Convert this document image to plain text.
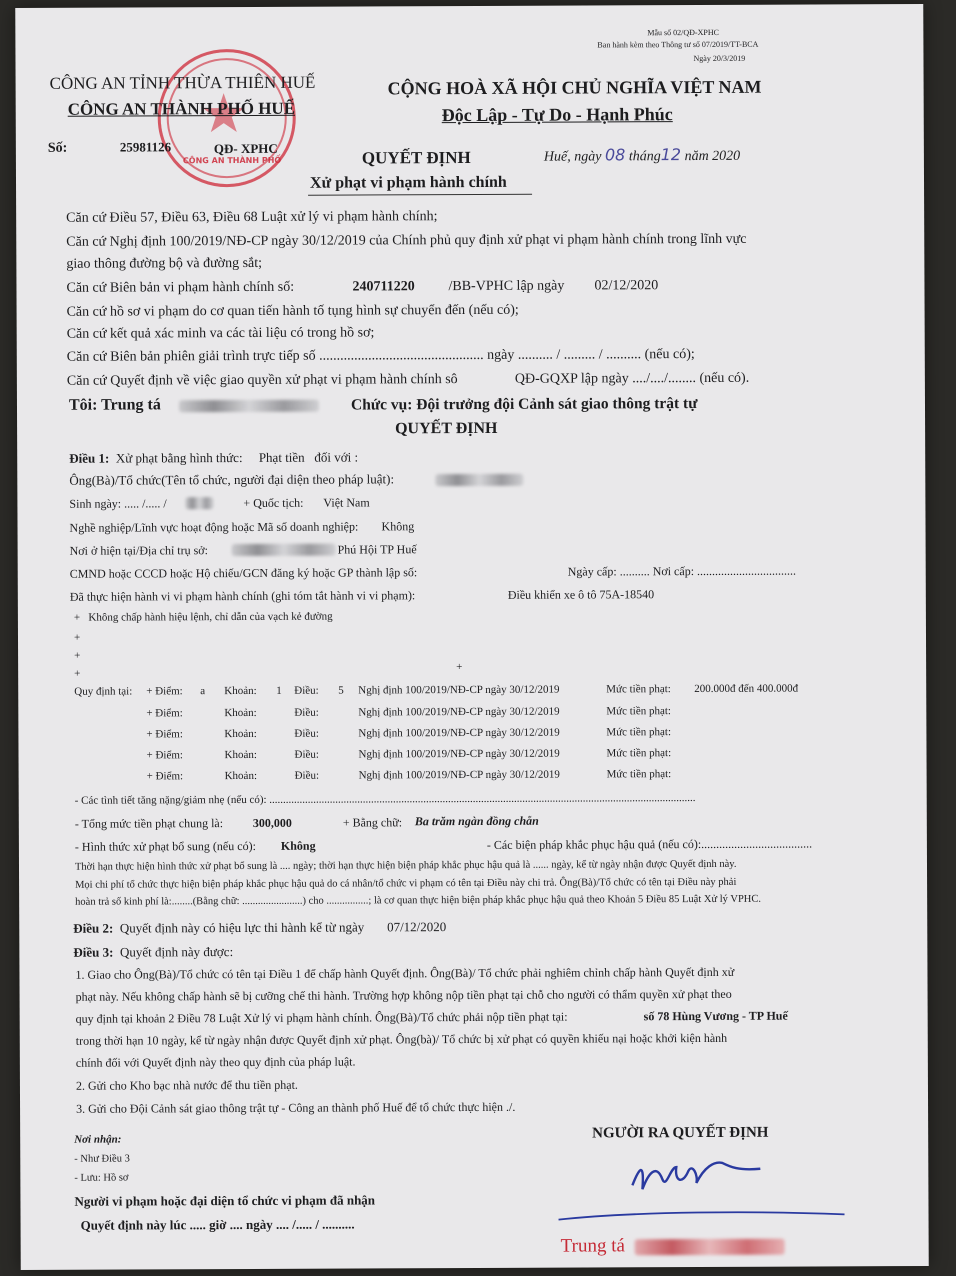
Mẫu số 02/QĐ-XPHC
Ban hành kèm theo Thông tư số 07/2019/TT-BCA
Ngày 20/3/2019
CÔNG AN THÀNH PHỐ
CÔNG AN TỈNH THỪA THIÊN HUẾ
CÔNG AN THÀNH PHỐ HUẾ
Số:	25981126	QĐ- XPHC
CỘNG HOÀ XÃ HỘI CHỦ NGHĨA VIỆT NAM
Độc Lập - Tự Do - Hạnh Phúc
Huế, ngày 08 tháng12 năm 2020
QUYẾT ĐỊNH
Xử phạt vi phạm hành chính
Căn cứ Điều 57, Điều 63, Điều 68 Luật xử lý vi phạm hành chính;
Căn cứ Nghị định 100/2019/NĐ-CP ngày 30/12/2019 của Chính phủ quy định xử phạt vi phạm hành chính trong lĩnh vực
giao thông đường bộ và đường sắt;
Căn cứ Biên bản vi phạm hành chính số:	240711220 /BB-VPHC lập ngày 02/12/2020
Căn cứ hồ sơ vi phạm do cơ quan tiến hành tố tụng hình sự chuyển đến (nếu có);
Căn cứ kết quả xác minh va các tài liệu có trong hồ sơ;
Căn cứ Biên bản phiên giải trình trực tiếp số ............................................... ngày .......... / ......... / .......... (nếu có);
Căn cứ Quyết định về việc giao quyền xử phạt vi phạm hành chính sô	QĐ-GQXP lập ngày ..../..../........ (nếu có).
Tôi: Trung tá	Chức vụ: Đội trưởng đội Cảnh sát giao thông trật tự
QUYẾT ĐỊNH
Điều 1: Xử phạt bằng hình thức: Phạt tiền đối với :
Ông(Bà)/Tổ chức(Tên tổ chức, người đại diện theo pháp luật):
Sinh ngày: ..... /..... /	+ Quốc tịch: Việt Nam
Nghề nghiệp/Lĩnh vực hoạt động hoặc Mã số doanh nghiệp: Không
Nơi ở hiện tại/Địa chỉ trụ sở:	Phú Hội TP Huế
CMND hoặc CCCD hoặc Hộ chiếu/GCN đăng ký hoặc GP thành lập số:	Ngày cấp: .......... Nơi cấp: .................................
Đã thực hiện hành vi vi phạm hành chính (ghi tóm tắt hành vi vi phạm):	Điều khiển xe ô tô 75A-18540
+ Không chấp hành hiệu lệnh, chỉ dẫn của vạch kẻ đường
+
+
+
+
Quy định tại: + Điểm: a Khoản: 1 Điều: 5 Nghị định 100/2019/NĐ-CP ngày 30/12/2019	Mức tiền phạt: 200.000đ đến 400.000đ
+ Điểm:	Khoản:	Điều:	Nghị định 100/2019/NĐ-CP ngày 30/12/2019	Mức tiền phạt:
+ Điểm:	Khoản:	Điều:	Nghị định 100/2019/NĐ-CP ngày 30/12/2019	Mức tiền phạt:
+ Điểm:	Khoản:	Điều:	Nghị định 100/2019/NĐ-CP ngày 30/12/2019	Mức tiền phạt:
+ Điểm:	Khoản:	Điều:	Nghị định 100/2019/NĐ-CP ngày 30/12/2019	Mức tiền phạt:
- Các tình tiết tăng nặng/giảm nhẹ (nếu có): ...........................................................................................................................................................
- Tổng mức tiền phạt chung là: 300,000	+ Bằng chữ: Ba trăm ngàn đồng chẵn
- Hình thức xử phạt bổ sung (nếu có): Không	- Các biện pháp khắc phục hậu quả (nếu có):.....................................
Thời hạn thực hiện hình thức xử phạt bổ sung là .... ngày; thời hạn thực hiện biện pháp khắc phục hậu quả là ...... ngày, kể từ ngày nhận được Quyết định này.
Mọi chi phí tổ chức thực hiện biện pháp khắc phục hậu quả do cá nhân/tổ chức vi phạm có tên tại Điều này chi trả. Ông(Bà)/Tổ chức có tên tại Điều này phải
hoàn trả số kinh phí là:........(Bằng chữ: .......................) cho ................; là cơ quan thực hiện biện pháp khắc phục hậu quả theo Khoản 5 Điều 85 Luật Xử lý VPHC.
Điều 2: Quyết định này có hiệu lực thi hành kể từ ngày 07/12/2020
Điều 3: Quyết định này được:
1. Giao cho Ông(Bà)/Tổ chức có tên tại Điều 1 để chấp hành Quyết định. Ông(Bà)/ Tổ chức phải nghiêm chỉnh chấp hành Quyết định xử
phạt này. Nếu không chấp hành sẽ bị cưỡng chế thi hành. Trường hợp không nộp tiền phạt tại chỗ cho người có thẩm quyền xử phạt theo
quy định tại khoản 2 Điều 78 Luật Xử lý vi phạm hành chính. Ông(Bà)/Tổ chức phải nộp tiền phạt tại:	số 78 Hùng Vương - TP Huế
trong thời hạn 10 ngày, kể từ ngày nhận được Quyết định xử phạt. Ông(bà)/ Tổ chức bị xử phạt có quyền khiếu nại hoặc khởi kiện hành
chính đối với Quyết định này theo quy định của pháp luật.
2. Gửi cho Kho bạc nhà nước để thu tiền phạt.
3. Gửi cho Đội Cảnh sát giao thông trật tự - Công an thành phố Huế để tổ chức thực hiện ./.
Nơi nhận:
- Như Điều 3
- Lưu: Hồ sơ
Người vi phạm hoặc đại diện tổ chức vi phạm đã nhận
Quyết định này lúc ..... giờ .... ngày .... /..... / ..........
NGƯỜI RA QUYẾT ĐỊNH
Trung tá
